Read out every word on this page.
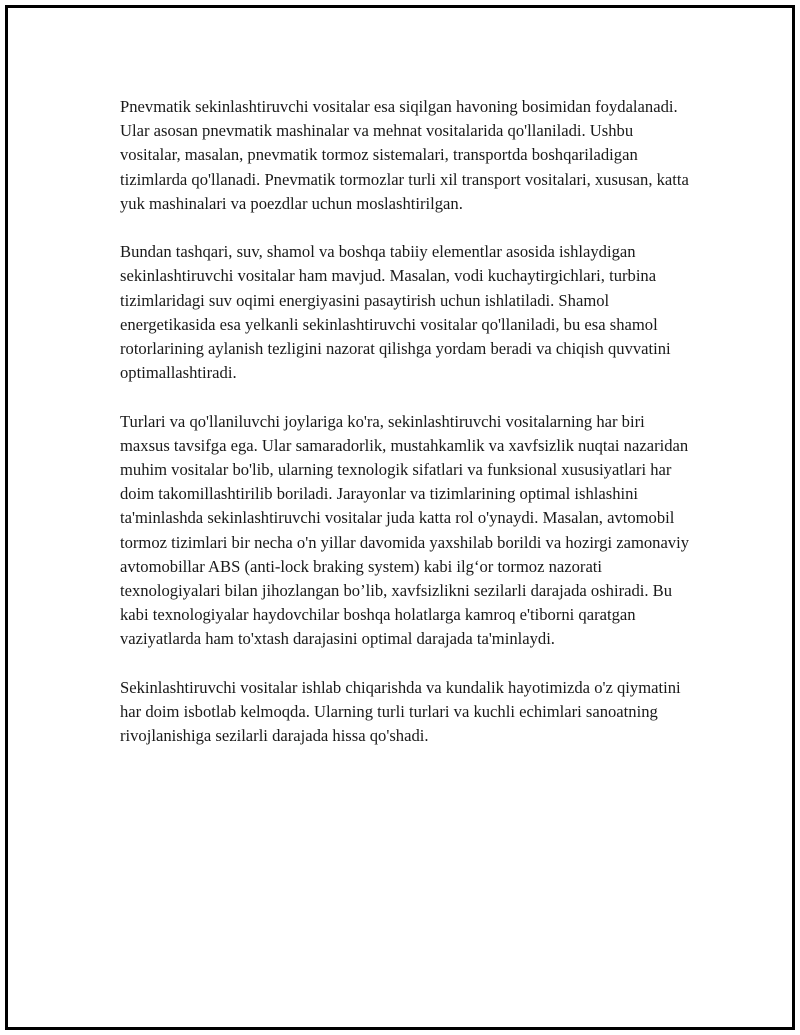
Pnevmatik sekinlashtiruvchi vositalar esa siqilgan havoning bosimidan foydalanadi. Ular asosan pnevmatik mashinalar va mehnat vositalarida qo'llaniladi. Ushbu vositalar, masalan, pnevmatik tormoz sistemalari, transportda boshqariladigan tizimlarda qo'llanadi. Pnevmatik tormozlar turli xil transport vositalari, xususan, katta yuk mashinalari va poezdlar uchun moslashtirilgan.

Bundan tashqari, suv, shamol va boshqa tabiiy elementlar asosida ishlaydigan sekinlashtiruvchi vositalar ham mavjud. Masalan, vodi kuchaytirgichlari, turbina tizimlaridagi suv oqimi energiyasini pasaytirish uchun ishlatiladi. Shamol energetikasida esa yelkanli sekinlashtiruvchi vositalar qo'llaniladi, bu esa shamol rotorlarining aylanish tezligini nazorat qilishga yordam beradi va chiqish quvvatini optimallashtiradi.

Turlari va qo'llaniluvchi joylariga ko'ra, sekinlashtiruvchi vositalarning har biri maxsus tavsifga ega. Ular samaradorlik, mustahkamlik va xavfsizlik nuqtai nazaridan muhim vositalar bo'lib, ularning texnologik sifatlari va funksional xususiyatlari har doim takomillashtirilib boriladi. Jarayonlar va tizimlarining optimal ishlashini ta'minlashda sekinlashtiruvchi vositalar juda katta rol o'ynaydi. Masalan, avtomobil tormoz tizimlari bir necha o'n yillar davomida yaxshilab borildi va hozirgi zamonaviy avtomobillar ABS (anti-lock braking system) kabi ilg‘or tormoz nazorati texnologiyalari bilan jihozlangan bo’lib, xavfsizlikni sezilarli darajada oshiradi. Bu kabi texnologiyalar haydovchilar boshqa holatlarga kamroq e'tiborni qaratgan vaziyatlarda ham to'xtash darajasini optimal darajada ta'minlaydi.

Sekinlashtiruvchi vositalar ishlab chiqarishda va kundalik hayotimizda o'z qiymatini har doim isbotlab kelmoqda. Ularning turli turlari va kuchli echimlari sanoatning rivojlanishiga sezilarli darajada hissa qo'shadi.
